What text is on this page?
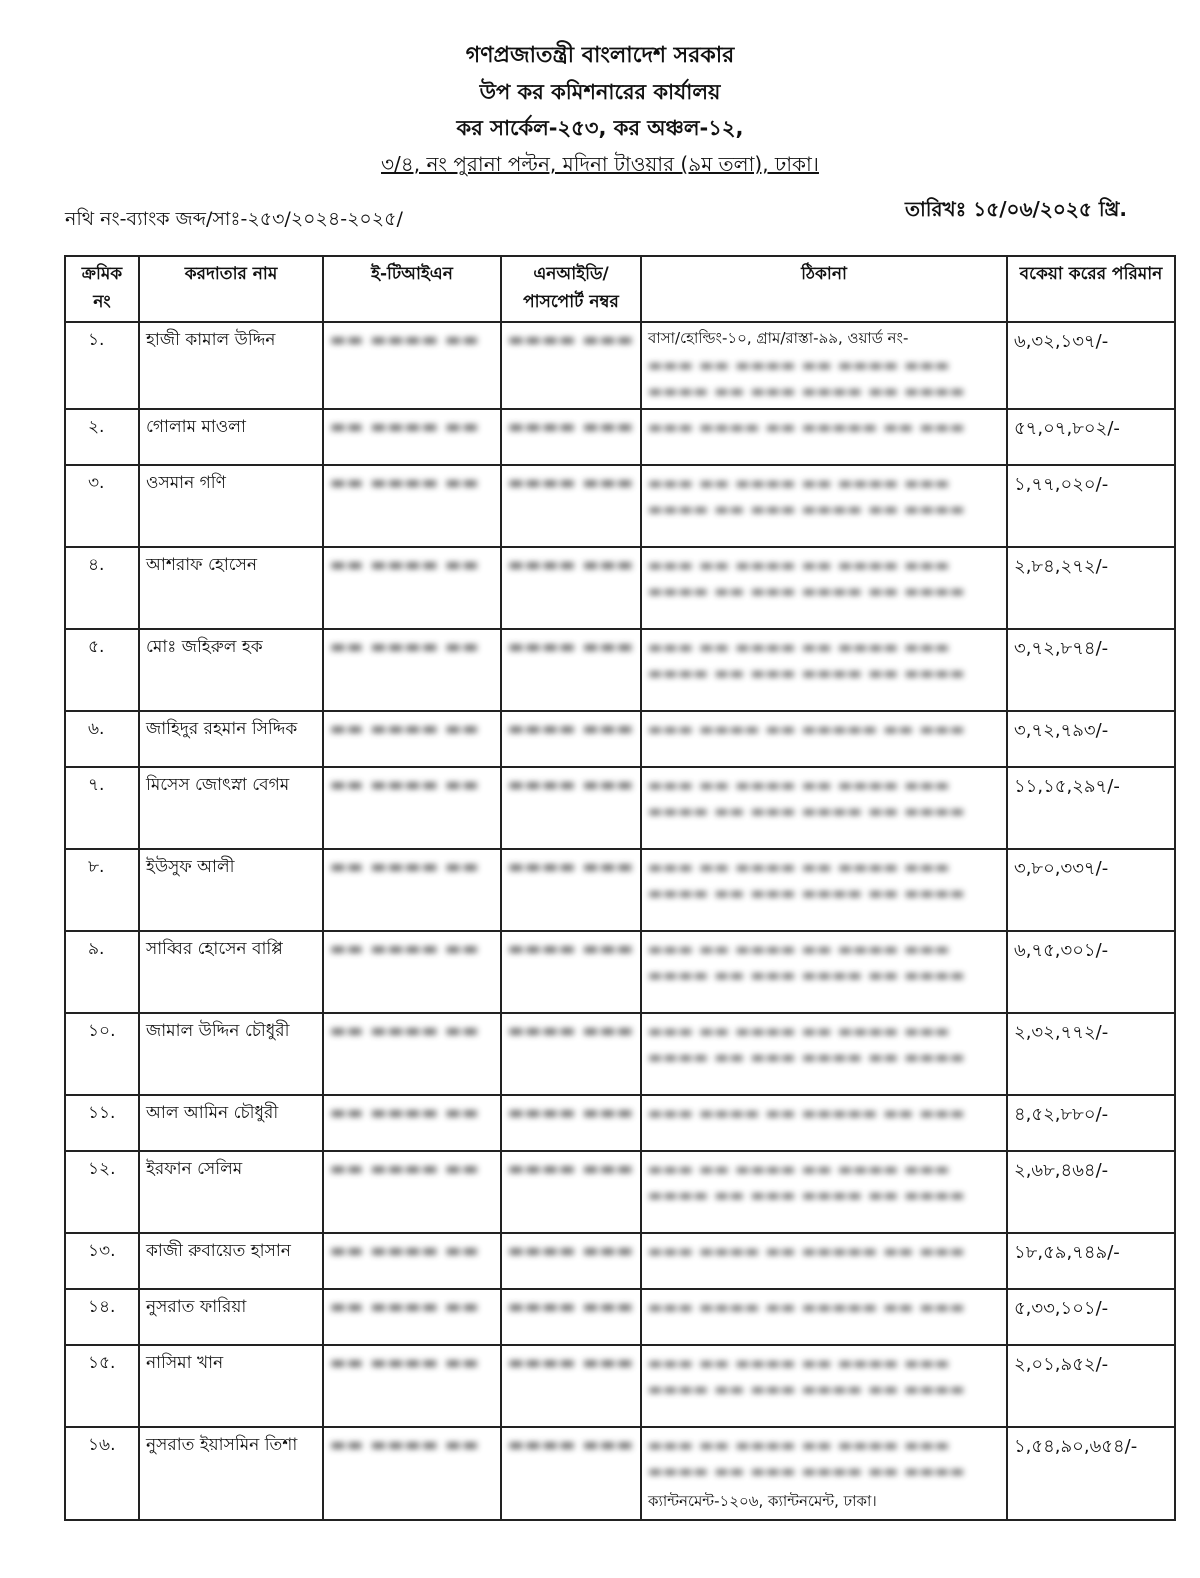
গণপ্রজাতন্ত্রী বাংলাদেশ সরকার
উপ কর কমিশনারের কার্যালয়
কর সার্কেল-২৫৩, কর অঞ্চল-১২,
৩/৪, নং পুরানা পল্টন, মদিনা টাওয়ার (৯ম তলা), ঢাকা।
নথি নং-ব্যাংক জব্দ/সাঃ-২৫৩/২০২৪-২০২৫/	তারিখঃ ১৫/০৬/২০২৫ খ্রি.
ক্রমিক নং	করদাতার নাম	ই-টিআইএন	এনআইডি/ পাসপোর্ট নম্বর	ঠিকানা	বকেয়া করের পরিমান
১.	হাজী কামাল উদ্দিন	▬▬ ▬▬▬▬ ▬▬	▬▬▬▬ ▬▬▬	বাসা/হোল্ডিং-১০, গ্রাম/রাস্তা-৯৯, ওয়ার্ড নং-
▬▬▬ ▬▬ ▬▬▬▬ ▬▬ ▬▬▬▬ ▬▬▬ ▬▬▬▬ ▬▬ ▬▬▬ ▬▬▬▬ ▬▬ ▬▬▬▬	৬,৩২,১৩৭/-
২.	গোলাম মাওলা	▬▬ ▬▬▬▬ ▬▬	▬▬▬▬ ▬▬▬	▬▬▬ ▬▬▬▬ ▬▬ ▬▬▬▬▬ ▬▬ ▬▬▬	৫৭,০৭,৮০২/-
৩.	ওসমান গণি	▬▬ ▬▬▬▬ ▬▬	▬▬▬▬ ▬▬▬	▬▬▬ ▬▬ ▬▬▬▬ ▬▬ ▬▬▬▬ ▬▬▬ ▬▬▬▬ ▬▬ ▬▬▬ ▬▬▬▬ ▬▬ ▬▬▬▬	১,৭৭,০২০/-
৪.	আশরাফ হোসেন	▬▬ ▬▬▬▬ ▬▬	▬▬▬▬ ▬▬▬	▬▬▬ ▬▬ ▬▬▬▬ ▬▬ ▬▬▬▬ ▬▬▬ ▬▬▬▬ ▬▬ ▬▬▬ ▬▬▬▬ ▬▬ ▬▬▬▬	২,৮৪,২৭২/-
৫.	মোঃ জহিরুল হক	▬▬ ▬▬▬▬ ▬▬	▬▬▬▬ ▬▬▬	▬▬▬ ▬▬ ▬▬▬▬ ▬▬ ▬▬▬▬ ▬▬▬ ▬▬▬▬ ▬▬ ▬▬▬ ▬▬▬▬ ▬▬ ▬▬▬▬	৩,৭২,৮৭৪/-
৬.	জাহিদুর রহমান সিদ্দিক	▬▬ ▬▬▬▬ ▬▬	▬▬▬▬ ▬▬▬	▬▬▬ ▬▬▬▬ ▬▬ ▬▬▬▬▬ ▬▬ ▬▬▬	৩,৭২,৭৯৩/-
৭.	মিসেস জোৎস্না বেগম	▬▬ ▬▬▬▬ ▬▬	▬▬▬▬ ▬▬▬	▬▬▬ ▬▬ ▬▬▬▬ ▬▬ ▬▬▬▬ ▬▬▬ ▬▬▬▬ ▬▬ ▬▬▬ ▬▬▬▬ ▬▬ ▬▬▬▬	১১,১৫,২৯৭/-
৮.	ইউসুফ আলী	▬▬ ▬▬▬▬ ▬▬	▬▬▬▬ ▬▬▬	▬▬▬ ▬▬ ▬▬▬▬ ▬▬ ▬▬▬▬ ▬▬▬ ▬▬▬▬ ▬▬ ▬▬▬ ▬▬▬▬ ▬▬ ▬▬▬▬	৩,৮০,৩৩৭/-
৯.	সাব্বির হোসেন বাপ্পি	▬▬ ▬▬▬▬ ▬▬	▬▬▬▬ ▬▬▬	▬▬▬ ▬▬ ▬▬▬▬ ▬▬ ▬▬▬▬ ▬▬▬ ▬▬▬▬ ▬▬ ▬▬▬ ▬▬▬▬ ▬▬ ▬▬▬▬	৬,৭৫,৩০১/-
১০.	জামাল উদ্দিন চৌধুরী	▬▬ ▬▬▬▬ ▬▬	▬▬▬▬ ▬▬▬	▬▬▬ ▬▬ ▬▬▬▬ ▬▬ ▬▬▬▬ ▬▬▬ ▬▬▬▬ ▬▬ ▬▬▬ ▬▬▬▬ ▬▬ ▬▬▬▬	২,৩২,৭৭২/-
১১.	আল আমিন চৌধুরী	▬▬ ▬▬▬▬ ▬▬	▬▬▬▬ ▬▬▬	▬▬▬ ▬▬▬▬ ▬▬ ▬▬▬▬▬ ▬▬ ▬▬▬	৪,৫২,৮৮০/-
১২.	ইরফান সেলিম	▬▬ ▬▬▬▬ ▬▬	▬▬▬▬ ▬▬▬	▬▬▬ ▬▬ ▬▬▬▬ ▬▬ ▬▬▬▬ ▬▬▬ ▬▬▬▬ ▬▬ ▬▬▬ ▬▬▬▬ ▬▬ ▬▬▬▬	২,৬৮,৪৬৪/-
১৩.	কাজী রুবায়েত হাসান	▬▬ ▬▬▬▬ ▬▬	▬▬▬▬ ▬▬▬	▬▬▬ ▬▬▬▬ ▬▬ ▬▬▬▬▬ ▬▬ ▬▬▬	১৮,৫৯,৭৪৯/-
১৪.	নুসরাত ফারিয়া	▬▬ ▬▬▬▬ ▬▬	▬▬▬▬ ▬▬▬	▬▬▬ ▬▬▬▬ ▬▬ ▬▬▬▬▬ ▬▬ ▬▬▬	৫,৩৩,১০১/-
১৫.	নাসিমা খান	▬▬ ▬▬▬▬ ▬▬	▬▬▬▬ ▬▬▬	▬▬▬ ▬▬ ▬▬▬▬ ▬▬ ▬▬▬▬ ▬▬▬ ▬▬▬▬ ▬▬ ▬▬▬ ▬▬▬▬ ▬▬ ▬▬▬▬	২,০১,৯৫২/-
১৬.	নুসরাত ইয়াসমিন তিশা	▬▬ ▬▬▬▬ ▬▬	▬▬▬▬ ▬▬▬	▬▬▬ ▬▬ ▬▬▬▬ ▬▬ ▬▬▬▬ ▬▬▬ ▬▬▬▬ ▬▬ ▬▬▬ ▬▬▬▬ ▬▬ ▬▬▬▬
ক্যান্টনমেন্ট-১২০৬, ক্যান্টনমেন্ট, ঢাকা।	১,৫৪,৯০,৬৫৪/-
